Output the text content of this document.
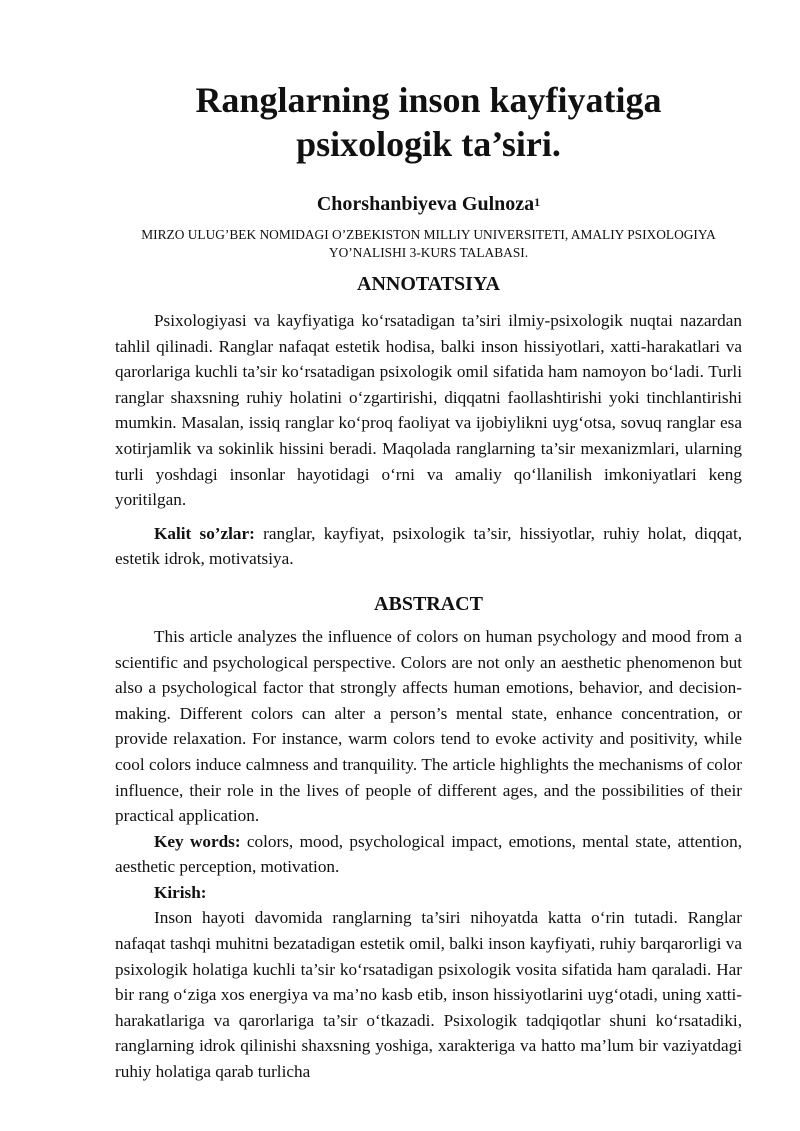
Ranglarning inson kayfiyatiga psixologik ta’siri.
Chorshanbiyeva Gulnoza$^1$
MIRZO ULUG’BEK NOMIDAGI O’ZBEKISTON MILLIY UNIVERSITETI, AMALIY PSIXOLOGIYA YO’NALISHI 3-KURS TALABASI.
ANNOTATSIYA

Psixologiyasi va kayfiyatiga ko‘rsatadigan ta’siri ilmiy-psixologik nuqtai nazardan tahlil qilinadi. Ranglar nafaqat estetik hodisa, balki inson hissiyotlari, xatti-harakatlari va qarorlariga kuchli ta’sir ko‘rsatadigan psixologik omil sifatida ham namoyon bo‘ladi. Turli ranglar shaxsning ruhiy holatini o‘zgartirishi, diqqatni faollashtirishi yoki tinchlantirishi mumkin. Masalan, issiq ranglar ko‘proq faoliyat va ijobiylikni uyg‘otsa, sovuq ranglar esa xotirjamlik va sokinlik hissini beradi. Maqolada ranglarning ta’sir mexanizmlari, ularning turli yoshdagi insonlar hayotidagi o‘rni va amaliy qo‘llanilish imkoniyatlari keng yoritilgan.

Kalit so’zlar: ranglar, kayfiyat, psixologik ta’sir, hissiyotlar, ruhiy holat, diqqat, estetik idrok, motivatsiya.

ABSTRACT

This article analyzes the influence of colors on human psychology and mood from a scientific and psychological perspective. Colors are not only an aesthetic phenomenon but also a psychological factor that strongly affects human emotions, behavior, and decision-making. Different colors can alter a person’s mental state, enhance concentration, or provide relaxation. For instance, warm colors tend to evoke activity and positivity, while cool colors induce calmness and tranquility. The article highlights the mechanisms of color influence, their role in the lives of people of different ages, and the possibilities of their practical application.

Key words: colors, mood, psychological impact, emotions, mental state, attention, aesthetic perception, motivation.

Kirish:

Inson hayoti davomida ranglarning ta’siri nihoyatda katta o‘rin tutadi. Ranglar nafaqat tashqi muhitni bezatadigan estetik omil, balki inson kayfiyati, ruhiy barqarorligi va psixologik holatiga kuchli ta’sir ko‘rsatadigan psixologik vosita sifatida ham qaraladi. Har bir rang o‘ziga xos energiya va ma’no kasb etib, inson hissiyotlarini uyg‘otadi, uning xatti-harakatlariga va qarorlariga ta’sir o‘tkazadi. Psixologik tadqiqotlar shuni ko‘rsatadiki, ranglarning idrok qilinishi shaxsning yoshiga, xarakteriga va hatto ma’lum bir vaziyatdagi ruhiy holatiga qarab turlicha
